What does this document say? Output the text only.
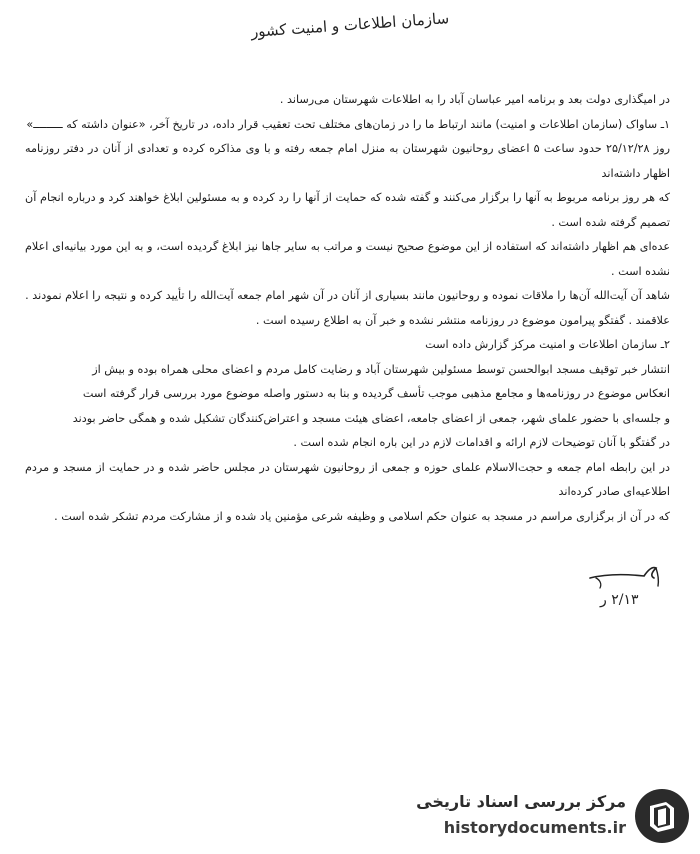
سازمان اطلاعات و امنیت کشور

در امیگذاری دولت بعد و برنامه امیر عباسان آباد را به اطلاعات شهرستان می‌رساند .

۱ـ ساواک (سازمان اطلاعات و امنیت) مانند ارتباط ما را در زمان‌های مختلف تحت تعقیب قرار داده، در تاریخ آخر، «عنوان داشته که ـــــــــ»

روز ۲۵/۱۲/۲۸ حدود ساعت ۵ اعضای روحانیون شهرستان به منزل امام جمعه رفته و با وی مذاکره کرده و تعدادی از آنان در دفتر روزنامه اظهار داشته‌اند

که هر روز برنامه مربوط به آنها را برگزار می‌کنند و گفته شده که حمایت از آنها را رد کرده و به مسئولین ابلاغ خواهند کرد و درباره انجام آن تصمیم گرفته شده است .

عده‌ای هم اظهار داشته‌اند که استفاده از این موضوع صحیح نیست و مراتب به سایر جاها نیز ابلاغ گردیده است، و به این مورد بیانیه‌ای اعلام نشده است .

شاهد آن آیت‌الله آن‌ها را ملاقات نموده و روحانیون مانند بسیاری از آنان در آن شهر امام جمعه آیت‌الله را تأیید کرده و نتیجه را اعلام نمودند .

علاقمند . گفتگو پیرامون موضوع در روزنامه منتشر نشده و خبر آن به اطلاع رسیده است .

۲ـ سازمان اطلاعات و امنیت مرکز گزارش داده است

انتشار خبر توقیف مسجد ابوالحسن توسط مسئولین شهرستان آباد و رضایت کامل مردم و اعضای محلی همراه بوده و بیش از

انعکاس موضوع در روزنامه‌ها و مجامع مذهبی موجب تأسف گردیده و بنا به دستور واصله موضوع مورد بررسی قرار گرفته است

و جلسه‌ای با حضور علمای شهر، جمعی از اعضای جامعه، اعضای هیئت مسجد و اعتراض‌کنندگان تشکیل شده و همگی حاضر بودند

در گفتگو با آنان توضیحات لازم ارائه و اقدامات لازم در این باره انجام شده است .

در این رابطه امام جمعه و حجت‌الاسلام علمای حوزه و جمعی از روحانیون شهرستان در مجلس حاضر شده و در حمایت از مسجد و مردم اطلاعیه‌ای صادر کرده‌اند

که در آن از برگزاری مراسم در مسجد به عنوان حکم اسلامی و وظیفه شرعی مؤمنین یاد شده و از مشارکت مردم تشکر شده است .

۲/۱۳ ر
مرکز بررسی اسناد تاریخی
historydocuments.ir
